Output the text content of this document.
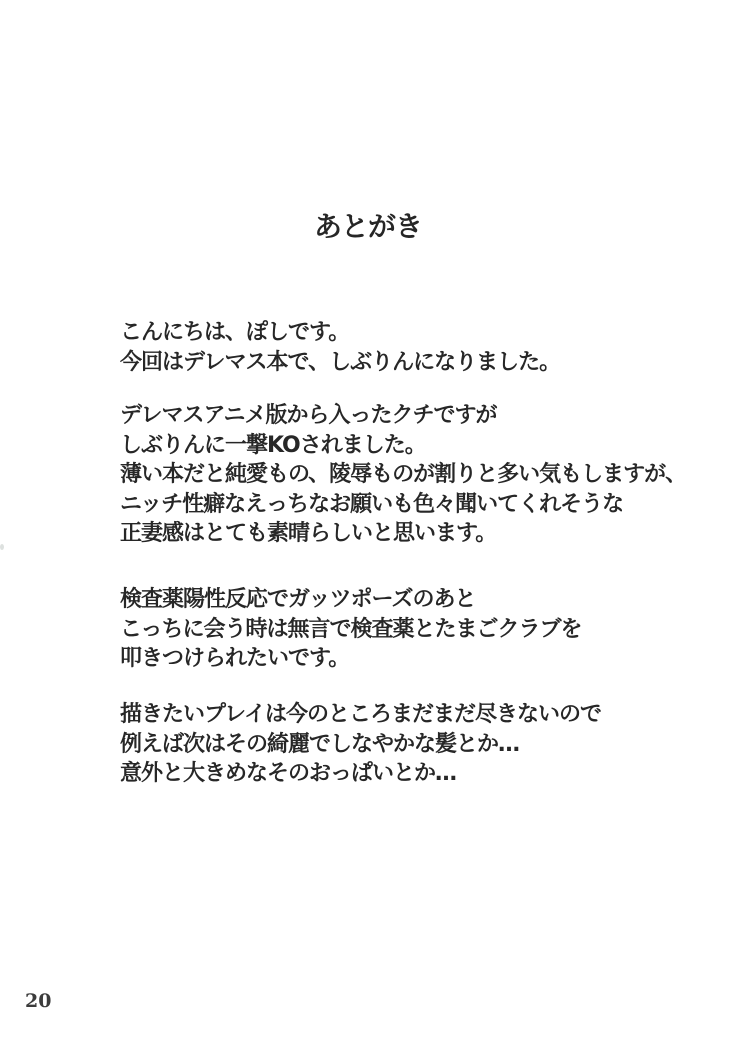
あとがき

こんにちは、ぽしです。
今回はデレマス本で、しぶりんになりました。

デレマスアニメ版から入ったクチですが
しぶりんに一撃KOされました。
薄い本だと純愛もの、陵辱ものが割りと多い気もしますが、
ニッチ性癖なえっちなお願いも色々聞いてくれそうな
正妻感はとても素晴らしいと思います。

検査薬陽性反応でガッツポーズのあと
こっちに会う時は無言で検査薬とたまごクラブを
叩きつけられたいです。

描きたいプレイは今のところまだまだ尽きないので
例えば次はその綺麗でしなやかな髪とか…
意外と大きめなそのおっぱいとか…

20
